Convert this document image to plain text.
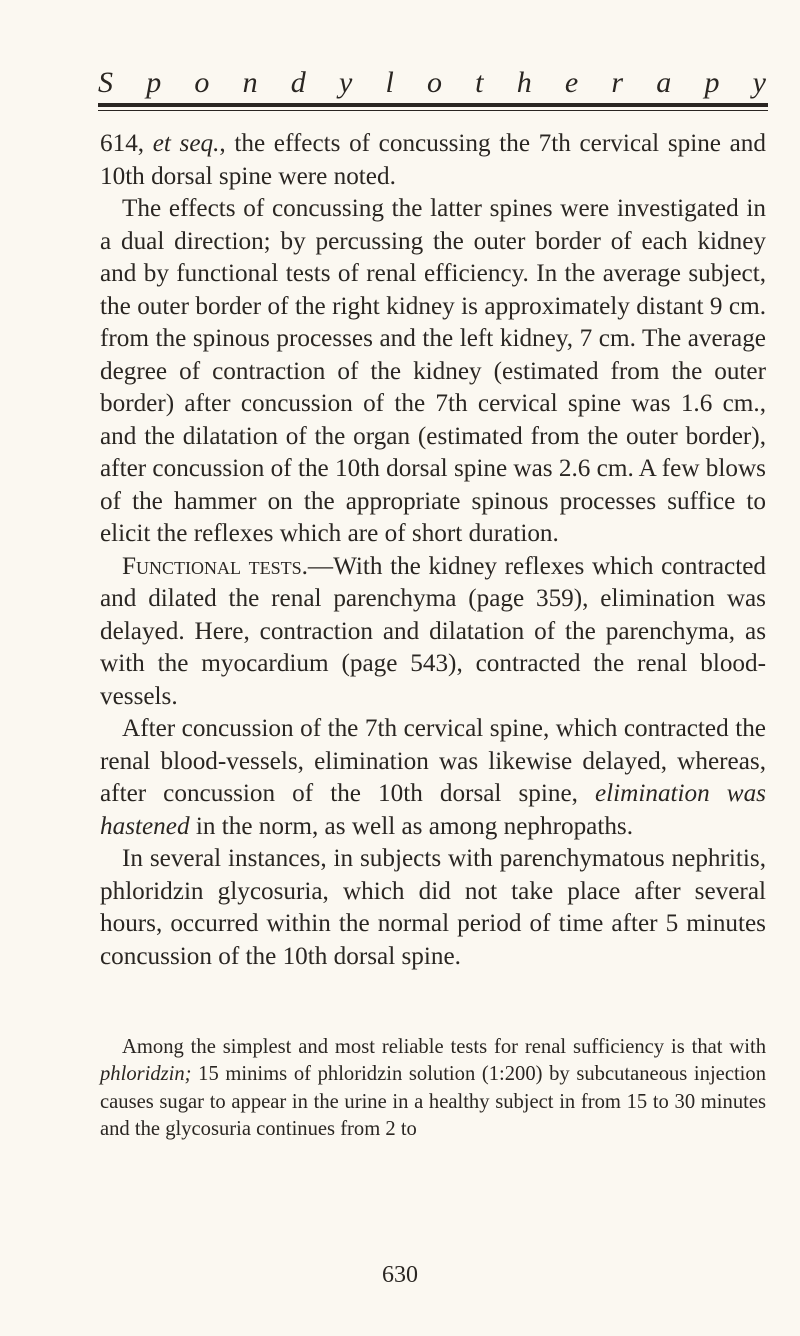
S p o n d y l o t h e r a p y

614, et seq., the effects of concussing the 7th cervical spine and 10th dorsal spine were noted.

The effects of concussing the latter spines were investigated in a dual direction; by percussing the outer border of each kidney and by functional tests of renal efficiency. In the average subject, the outer border of the right kidney is approximately distant 9 cm. from the spinous processes and the left kidney, 7 cm. The average degree of contraction of the kidney (estimated from the outer border) after concussion of the 7th cervical spine was 1.6 cm., and the dilatation of the organ (estimated from the outer border), after concussion of the 10th dorsal spine was 2.6 cm. A few blows of the hammer on the appropriate spinous processes suffice to elicit the reflexes which are of short duration.

Functional tests.—With the kidney reflexes which contracted and dilated the renal parenchyma (page 359), elimination was delayed. Here, contraction and dilatation of the parenchyma, as with the myocardium (page 543), contracted the renal blood-vessels.

After concussion of the 7th cervical spine, which contracted the renal blood-vessels, elimination was likewise delayed, whereas, after concussion of the 10th dorsal spine, elimination was hastened in the norm, as well as among nephropaths.

In several instances, in subjects with parenchymatous nephritis, phloridzin glycosuria, which did not take place after several hours, occurred within the normal period of time after 5 minutes concussion of the 10th dorsal spine.

Among the simplest and most reliable tests for renal sufficiency is that with phloridzin; 15 minims of phloridzin solution (1:200) by subcutaneous injection causes sugar to appear in the urine in a healthy subject in from 15 to 30 minutes and the glycosuria continues from 2 to

630
